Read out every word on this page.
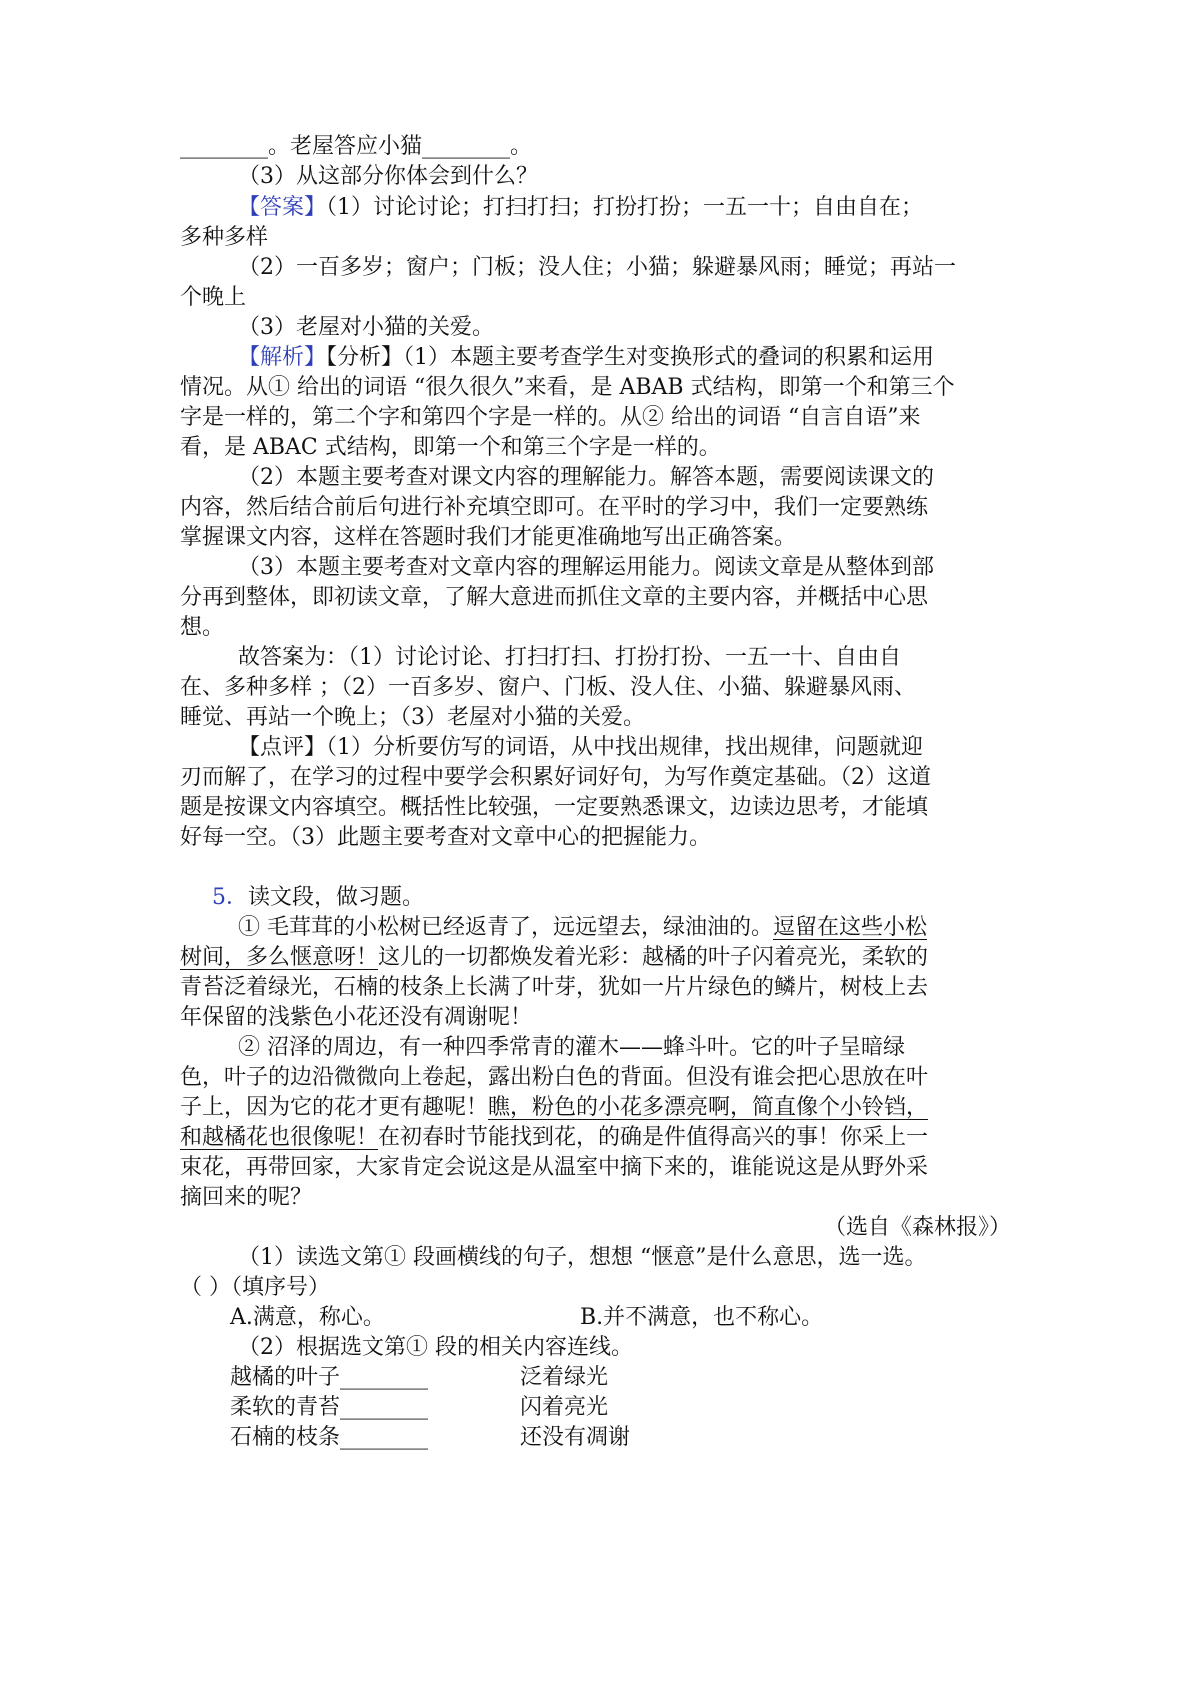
________。老屋答应小猫________。
（3）从这部分你体会到什么？
【答案】（1）讨论讨论；打扫打扫；打扮打扮；一五一十；自由自在；
多种多样
（2）一百多岁；窗户；门板；没人住；小猫；躲避暴风雨；睡觉；再站一
个晚上
（3）老屋对小猫的关爱。
【解析】【分析】（1）本题主要考查学生对变换形式的叠词的积累和运用
情况。从① 给出的词语 “很久很久”来看，是 ABAB 式结构，即第一个和第三个
字是一样的，第二个字和第四个字是一样的。从② 给出的词语 “自言自语”来
看，是 ABAC 式结构，即第一个和第三个字是一样的。
（2）本题主要考查对课文内容的理解能力。解答本题，需要阅读课文的
内容，然后结合前后句进行补充填空即可。在平时的学习中，我们一定要熟练
掌握课文内容，这样在答题时我们才能更准确地写出正确答案。
（3）本题主要考查对文章内容的理解运用能力。阅读文章是从整体到部
分再到整体，即初读文章，了解大意进而抓住文章的主要内容，并概括中心思
想。
故答案为：（1）讨论讨论、打扫打扫、打扮打扮、一五一十、自由自
在、多种多样 ；（2）一百多岁、窗户、门板、没人住、小猫、躲避暴风雨、
睡觉、再站一个晚上；（3）老屋对小猫的关爱。
【点评】（1）分析要仿写的词语，从中找出规律，找出规律，问题就迎
刃而解了，在学习的过程中要学会积累好词好句，为写作奠定基础。（2）这道
题是按课文内容填空。概括性比较强，一定要熟悉课文，边读边思考，才能填
好每一空。（3）此题主要考查对文章中心的把握能力。
5．读文段，做习题。
① 毛茸茸的小松树已经返青了，远远望去，绿油油的。逗留在这些小松
树间，多么惬意呀！这儿的一切都焕发着光彩：越橘的叶子闪着亮光，柔软的
青苔泛着绿光，石楠的枝条上长满了叶芽，犹如一片片绿色的鳞片，树枝上去
年保留的浅紫色小花还没有凋谢呢！
② 沼泽的周边，有一种四季常青的灌木——蜂斗叶。它的叶子呈暗绿
色，叶子的边沿微微向上卷起，露出粉白色的背面。但没有谁会把心思放在叶
子上，因为它的花才更有趣呢！瞧，粉色的小花多漂亮啊，简直像个小铃铛，
和越橘花也很像呢！在初春时节能找到花，的确是件值得高兴的事！你采上一
束花，再带回家，大家肯定会说这是从温室中摘下来的，谁能说这是从野外采
摘回来的呢？
（选自《森林报》）
（1）读选文第① 段画横线的句子，想想 “惬意”是什么意思，选一选。
（ ）（填序号）
A.满意，称心。	B.并不满意，也不称心。
（2）根据选文第① 段的相关内容连线。
越橘的叶子________	泛着绿光
柔软的青苔________	闪着亮光
石楠的枝条________	还没有凋谢
